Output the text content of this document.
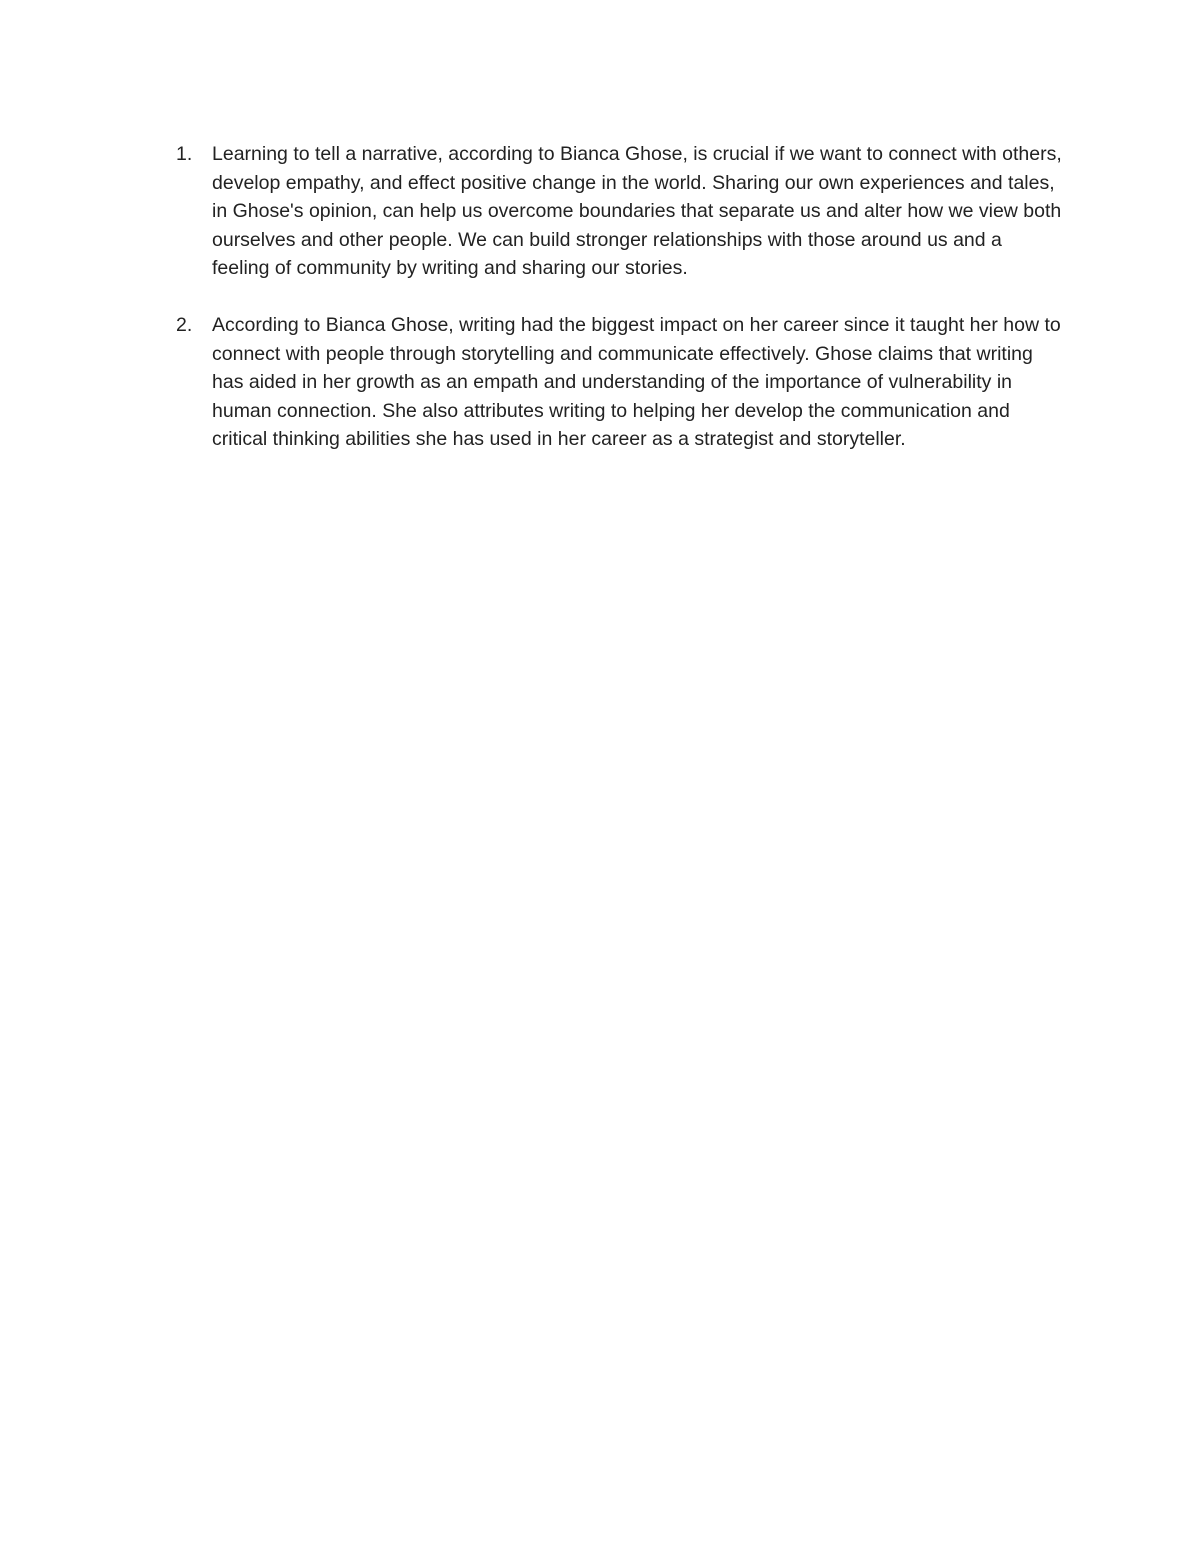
1. Learning to tell a narrative, according to Bianca Ghose, is crucial if we want to connect with others, develop empathy, and effect positive change in the world. Sharing our own experiences and tales, in Ghose's opinion, can help us overcome boundaries that separate us and alter how we view both ourselves and other people. We can build stronger relationships with those around us and a feeling of community by writing and sharing our stories.
2. According to Bianca Ghose, writing had the biggest impact on her career since it taught her how to connect with people through storytelling and communicate effectively. Ghose claims that writing has aided in her growth as an empath and understanding of the importance of vulnerability in human connection. She also attributes writing to helping her develop the communication and critical thinking abilities she has used in her career as a strategist and storyteller.
